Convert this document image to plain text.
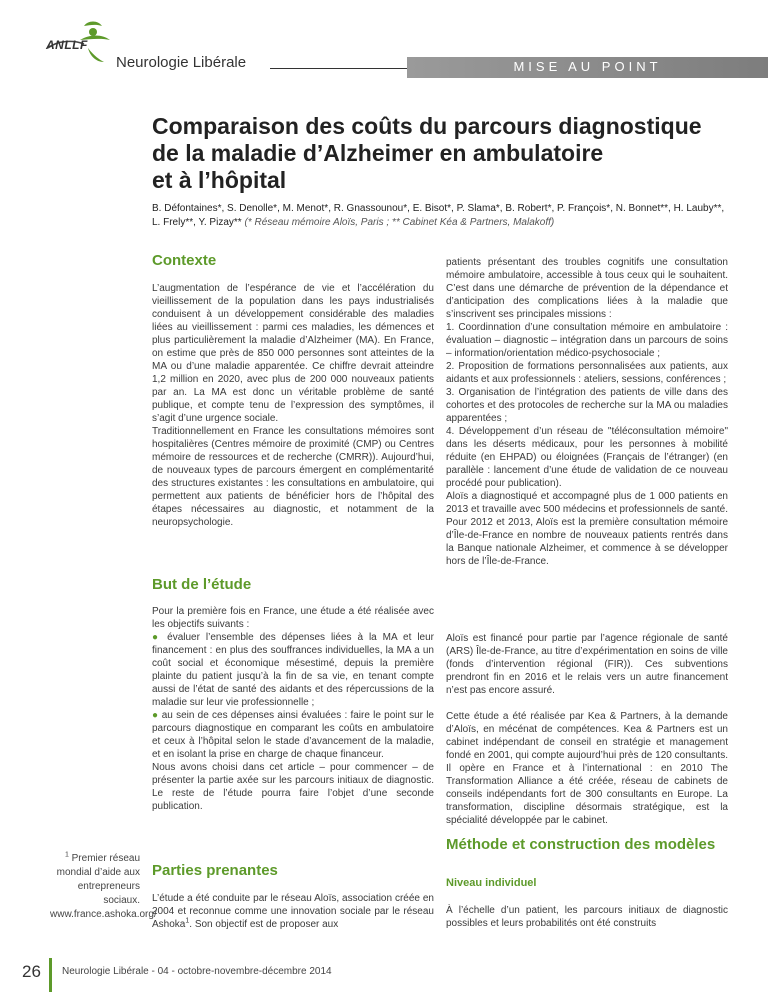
ANLLF
Neurologie Libérale	MISE AU POINT
Comparaison des coûts du parcours diagnostique
de la maladie d’Alzheimer en ambulatoire
et à l’hôpital
B. Défontaines*, S. Denolle*, M. Menot*, R. Gnassounou*, E. Bisot*, P. Slama*, B. Robert*, P. François*, N. Bonnet**, H. Lauby**, L. Frely**, Y. Pizay** (* Réseau mémoire Aloïs, Paris ; ** Cabinet Kéa & Partners, Malakoff)
Contexte

L’augmentation de l’espérance de vie et l’accélération du vieillissement de la population dans les pays industrialisés conduisent à un développement considérable des maladies liées au vieillissement : parmi ces maladies, les démences et plus particulièrement la maladie d’Alzheimer (MA). En France, on estime que près de 850 000 personnes sont atteintes de la MA ou d’une maladie apparentée. Ce chiffre devrait atteindre 1,2 million en 2020, avec plus de 200 000 nouveaux patients par an. La MA est donc un véritable problème de santé publique, et compte tenu de l’expression des symptômes, il s’agit d’une urgence sociale.

Traditionnellement en France les consultations mémoires sont hospitalières (Centres mémoire de proximité (CMP) ou Centres mémoire de ressources et de recherche (CMRR)). Aujourd’hui, de nouveaux types de parcours émergent en complémentarité des structures existantes : les consultations en ambulatoire, qui permettent aux patients de bénéficier hors de l’hôpital des étapes nécessaires au diagnostic, et notamment de la neuropsychologie.

But de l’étude

Pour la première fois en France, une étude a été réalisée avec les objectifs suivants :

● évaluer l’ensemble des dépenses liées à la MA et leur financement : en plus des souffrances individuelles, la MA a un coût social et économique mésestimé, depuis la première plainte du patient jusqu’à la fin de sa vie, en tenant compte aussi de l’état de santé des aidants et des répercussions de la maladie sur leur vie professionnelle ;

● au sein de ces dépenses ainsi évaluées : faire le point sur le parcours diagnostique en comparant les coûts en ambulatoire et ceux à l’hôpital selon le stade d’avancement de la maladie, et en isolant la prise en charge de chaque financeur.

Nous avons choisi dans cet article – pour commencer – de présenter la partie axée sur les parcours initiaux de diagnostic. Le reste de l’étude pourra faire l’objet d’une seconde publication.

Parties prenantes

L’étude a été conduite par le réseau Aloïs, association créée en 2004 et reconnue comme une innovation sociale par le réseau Ashoka$^1$. Son objectif est de proposer aux

patients présentant des troubles cognitifs une consultation mémoire ambulatoire, accessible à tous ceux qui le souhaitent. C’est dans une démarche de prévention de la dépendance et d’anticipation des complications liées à la maladie que s’inscrivent ses principales missions :

1. Coordinnation d’une consultation mémoire en ambulatoire : évaluation – diagnostic – intégration dans un parcours de soins – information/orientation médico-psychosociale ;

2. Proposition de formations personnalisées aux patients, aux aidants et aux professionnels : ateliers, sessions, conférences ;

3. Organisation de l’intégration des patients de ville dans des cohortes et des protocoles de recherche sur la MA ou maladies apparentées ;

4. Développement d’un réseau de "téléconsultation mémoire" dans les déserts médicaux, pour les personnes à mobilité réduite (en EHPAD) ou éloignées (Français de l’étranger) (en parallèle : lancement d’une étude de validation de ce nouveau procédé pour publication).

Aloïs a diagnostiqué et accompagné plus de 1 000 patients en 2013 et travaille avec 500 médecins et professionnels de santé. Pour 2012 et 2013, Aloïs est la première consultation mémoire d’Île-de-France en nombre de nouveaux patients rentrés dans la Banque nationale Alzheimer, et commence à se développer hors de l’Île-de-France.

Aloïs est financé pour partie par l’agence régionale de santé (ARS) Île-de-France, au titre d’expérimentation en soins de ville (fonds d’intervention régional (FIR)). Ces subventions prendront fin en 2016 et le relais vers un autre financement n’est pas encore assuré.

Cette étude a été réalisée par Kea & Partners, à la demande d’Aloïs, en mécénat de compétences. Kea & Partners est un cabinet indépendant de conseil en stratégie et management fondé en 2001, qui compte aujourd’hui près de 120 consultants. Il opère en France et à l’international : en 2010 The Transformation Alliance a été créée, réseau de cabinets de conseils indépendants fort de 300 consultants en Europe. La transformation, discipline désormais stratégique, est la spécialité développée par le cabinet.

Méthode et construction des modèles
Niveau individuel

À l’échelle d’un patient, les parcours initiaux de diagnostic possibles et leurs probabilités ont été construits

$^1$ Premier réseau mondial d’aide aux entrepreneurs sociaux. www.france.ashoka.org/
26 Neurologie Libérale - 04 - octobre-novembre-décembre 2014
